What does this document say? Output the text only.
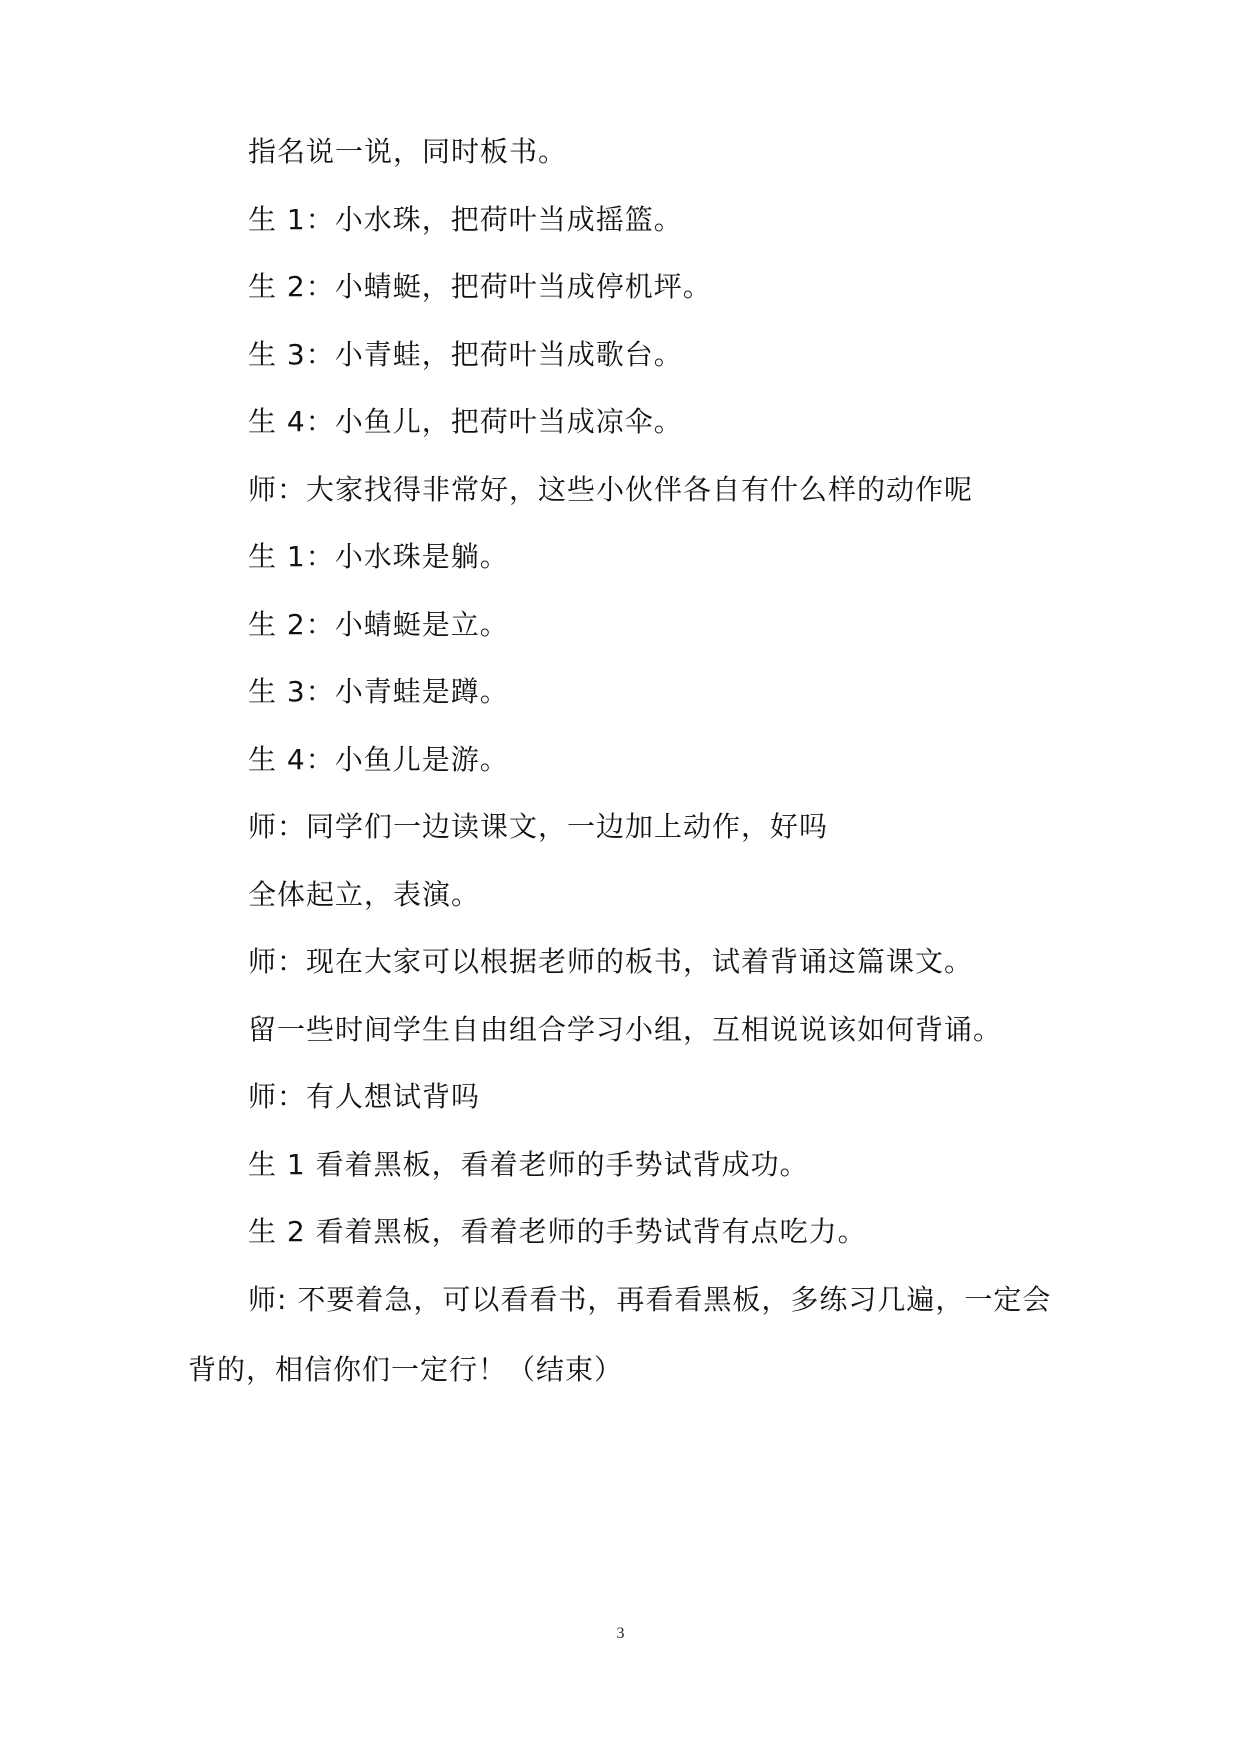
指名说一说，同时板书。

生 1：小水珠，把荷叶当成摇篮。

生 2：小蜻蜓，把荷叶当成停机坪。

生 3：小青蛙，把荷叶当成歌台。

生 4：小鱼儿，把荷叶当成凉伞。

师：大家找得非常好，这些小伙伴各自有什么样的动作呢

生 1：小水珠是躺。

生 2：小蜻蜓是立。

生 3：小青蛙是蹲。

生 4：小鱼儿是游。

师：同学们一边读课文，一边加上动作，好吗

全体起立，表演。

师：现在大家可以根据老师的板书，试着背诵这篇课文。

留一些时间学生自由组合学习小组，互相说说该如何背诵。

师：有人想试背吗

生 1 看着黑板，看着老师的手势试背成功。

生 2 看着黑板，看着老师的手势试背有点吃力。

师: 不要着急，可以看看书，再看看黑板，多练习几遍，一定会

背的，相信你们一定行！（结束）

3
